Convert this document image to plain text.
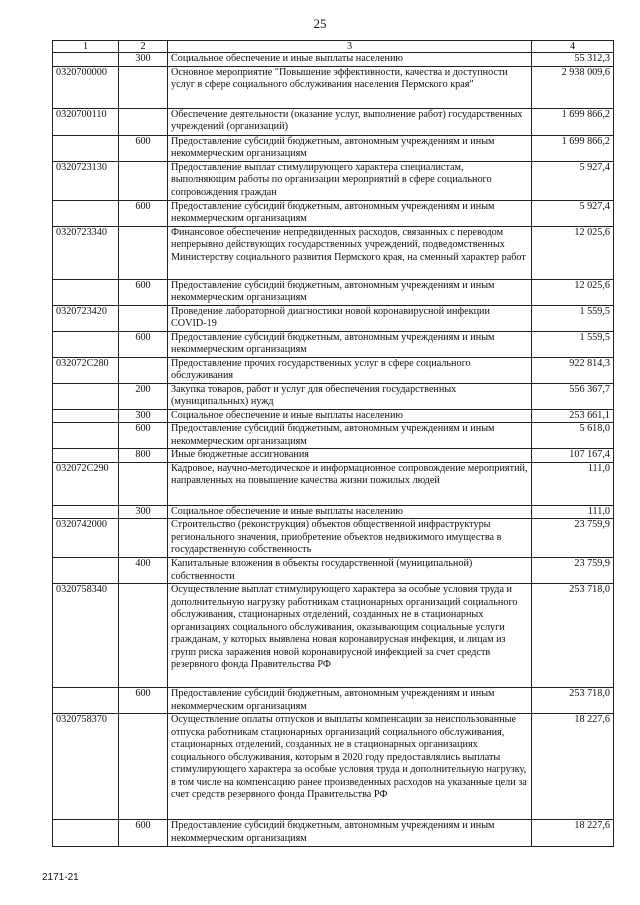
25
1	2	3	4
	300	Социальное обеспечение и иные выплаты населению	55 312,3
0320700000		Основное мероприятие "Повышение эффективности, качества и доступности услуг в сфере социального обслуживания населения Пермского края"	2 938 009,6
0320700110		Обеспечение деятельности (оказание услуг, выполнение работ) государственных учреждений (организаций)	1 699 866,2
	600	Предоставление субсидий бюджетным, автономным учреждениям и иным некоммерческим организациям	1 699 866,2
0320723130		Предоставление выплат стимулирующего характера специалистам, выполняющим работы по организации мероприятий в сфере социального сопровождения граждан	5 927,4
	600	Предоставление субсидий бюджетным, автономным учреждениям и иным некоммерческим организациям	5 927,4
0320723340		Финансовое обеспечение непредвиденных расходов, связанных с переводом непрерывно действующих государственных учреждений, подведомственных Министерству социального развития Пермского края, на сменный характер работ	12 025,6
	600	Предоставление субсидий бюджетным, автономным учреждениям и иным некоммерческим организациям	12 025,6
0320723420		Проведение лабораторной диагностики новой коронавирусной инфекции COVID-19	1 559,5
	600	Предоставление субсидий бюджетным, автономным учреждениям и иным некоммерческим организациям	1 559,5
032072С280		Предоставление прочих государственных услуг в сфере социального обслуживания	922 814,3
	200	Закупка товаров, работ и услуг для обеспечения государственных (муниципальных) нужд	556 367,7
	300	Социальное обеспечение и иные выплаты населению	253 661,1
	600	Предоставление субсидий бюджетным, автономным учреждениям и иным некоммерческим организациям	5 618,0
	800	Иные бюджетные ассигнования	107 167,4
032072С290		Кадровое, научно-методическое и информационное сопровождение мероприятий, направленных на повышение качества жизни пожилых людей	111,0
	300	Социальное обеспечение и иные выплаты населению	111,0
0320742000		Строительство (реконструкция) объектов общественной инфраструктуры регионального значения, приобретение объектов недвижимого имущества в государственную собственность	23 759,9
	400	Капитальные вложения в объекты государственной (муниципальной) собственности	23 759,9
0320758340		Осуществление выплат стимулирующего характера за особые условия труда и дополнительную нагрузку работникам стационарных организаций социального обслуживания, стационарных отделений, созданных не в стационарных организациях социального обслуживания, оказывающим социальные услуги гражданам, у которых выявлена новая коронавирусная инфекция, и лицам из групп риска заражения новой коронавирусной инфекцией за счет средств резервного фонда Правительства РФ	253 718,0
	600	Предоставление субсидий бюджетным, автономным учреждениям и иным некоммерческим организациям	253 718,0
0320758370		Осуществление оплаты отпусков и выплаты компенсации за неиспользованные отпуска работникам стационарных организаций социального обслуживания, стационарных отделений, созданных не в стационарных организациях социального обслуживания, которым в 2020 году предоставлялись выплаты стимулирующего характера за особые условия труда и дополнительную нагрузку, в том числе на компенсацию ранее произведенных расходов на указанные цели за счет средств резервного фонда Правительства РФ	18 227,6
	600	Предоставление субсидий бюджетным, автономным учреждениям и иным некоммерческим организациям	18 227,6
2171-21
